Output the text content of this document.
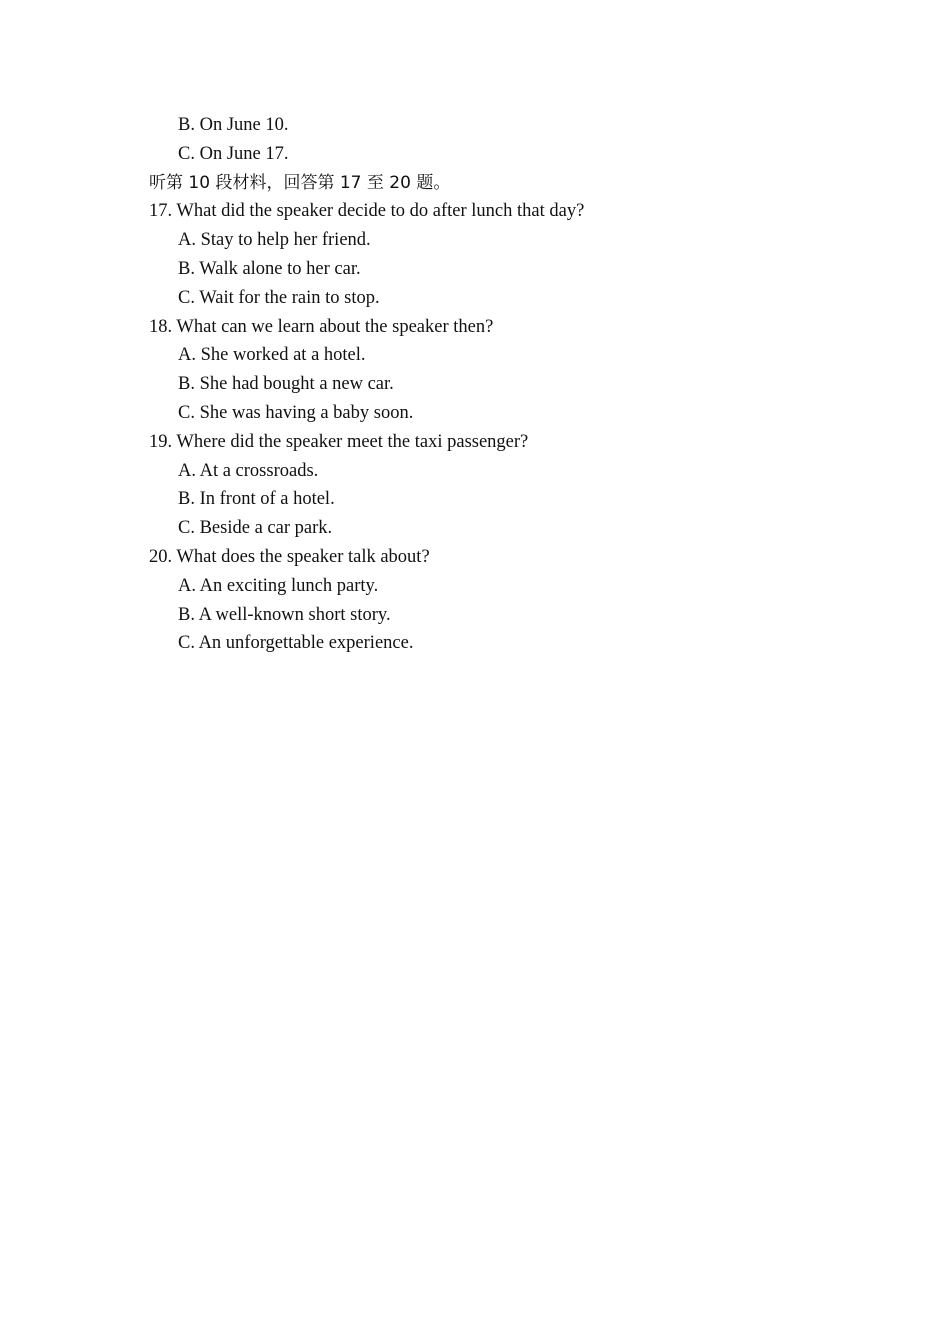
B. On June 10.
C. On June 17.
听第 10 段材料，回答第 17 至 20 题。
17. What did the speaker decide to do after lunch that day?
A. Stay to help her friend.
B. Walk alone to her car.
C. Wait for the rain to stop.
18. What can we learn about the speaker then?
A. She worked at a hotel.
B. She had bought a new car.
C. She was having a baby soon.
19. Where did the speaker meet the taxi passenger?
A. At a crossroads.
B. In front of a hotel.
C. Beside a car park.
20. What does the speaker talk about?
A. An exciting lunch party.
B. A well-known short story.
C. An unforgettable experience.
